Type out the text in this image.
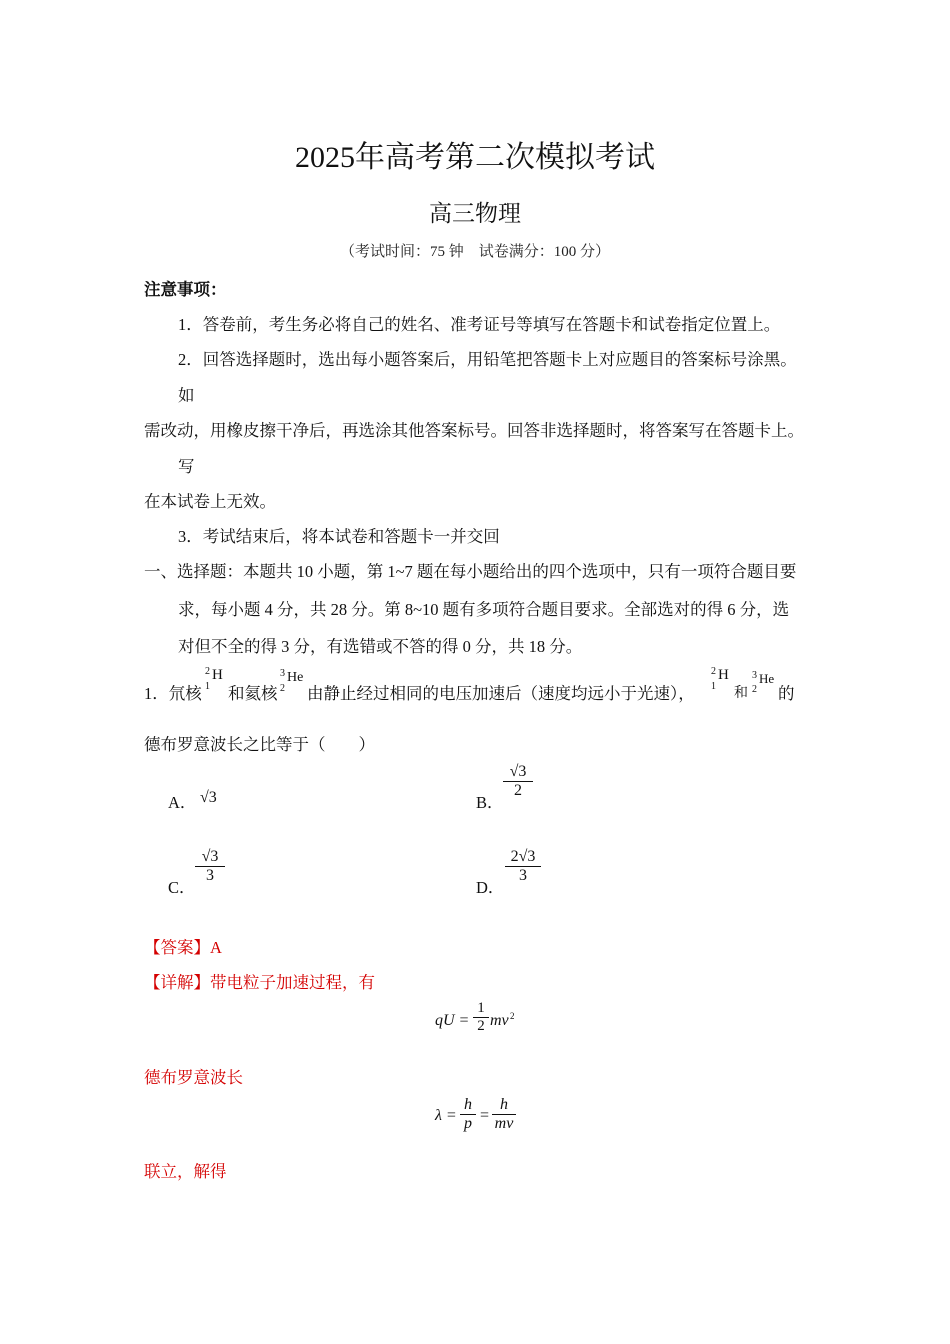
2025年高考第二次模拟考试
高三物理
（考试时间：75 钟　试卷满分：100 分）
注意事项：
1．答卷前，考生务必将自己的姓名、准考证号等填写在答题卡和试卷指定位置上。
2．回答选择题时，选出每小题答案后，用铅笔把答题卡上对应题目的答案标号涂黑。
如
需改动，用橡皮擦干净后，再选涂其他答案标号。回答非选择题时，将答案写在答题卡上。
写
在本试卷上无效。
3．考试结束后，将本试卷和答题卡一并交回
一、选择题：本题共 10 小题，第 1~7 题在每小题给出的四个选项中，只有一项符合题目要
求，每小题 4 分，共 28 分。第 8~10 题有多项符合题目要求。全部选对的得 6 分，选
对但不全的得 3 分，有选错或不答的得 0 分，共 18 分。
1．氘核
2
1
H
和氦核
3
2
He
由静止经过相同的电压加速后（速度均远小于光速），
2
1
H
和
3
2
He
的
德布罗意波长之比等于（　　）
A． √3	B．
$\frac{√3}{2}$
C．
$\frac{√3}{3}$
D．
$\frac{2√3}{3}$
【答案】A
【详解】带电粒子加速过程，有
qU = $\frac{1}{2}$ mv 2
德布罗意波长
$\lambda = \frac{h}{p} = \frac{h}{mv}$
联立，解得
